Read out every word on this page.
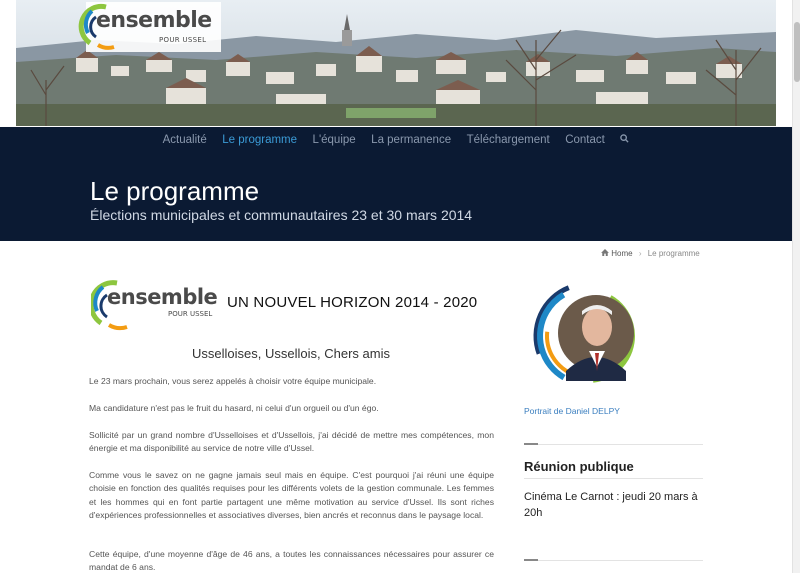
ensemble
POUR USSEL
Actualité Le programme L'équipe La permanence Téléchargement Contact
Le programme
Élections municipales et communautaires 23 et 30 mars 2014
Home › Le programme
ensemble
POUR USSEL
UN NOUVEL HORIZON 2014 - 2020
Usselloises, Ussellois, Chers amis

Le 23 mars prochain, vous serez appelés à choisir votre équipe municipale.

Ma candidature n'est pas le fruit du hasard, ni celui d'un orgueil ou d'un égo.

Sollicité par un grand nombre d'Usselloises et d'Ussellois, j'ai décidé de mettre mes compétences, mon énergie et ma disponibilité au service de notre ville d'Ussel.

Comme vous le savez on ne gagne jamais seul mais en équipe. C'est pourquoi j'ai réuni une équipe choisie en fonction des qualités requises pour les différents volets de la gestion communale. Les femmes et les hommes qui en font partie partagent une même motivation au service d'Ussel. Ils sont riches d'expériences professionnelles et associatives diverses, bien ancrés et reconnus dans le paysage local.

Cette équipe, d'une moyenne d'âge de 46 ans, a toutes les connaissances nécessaires pour assurer ce mandat de 6 ans.

Portrait de Daniel DELPY
Réunion publique
Cinéma Le Carnot : jeudi 20 mars à 20h
